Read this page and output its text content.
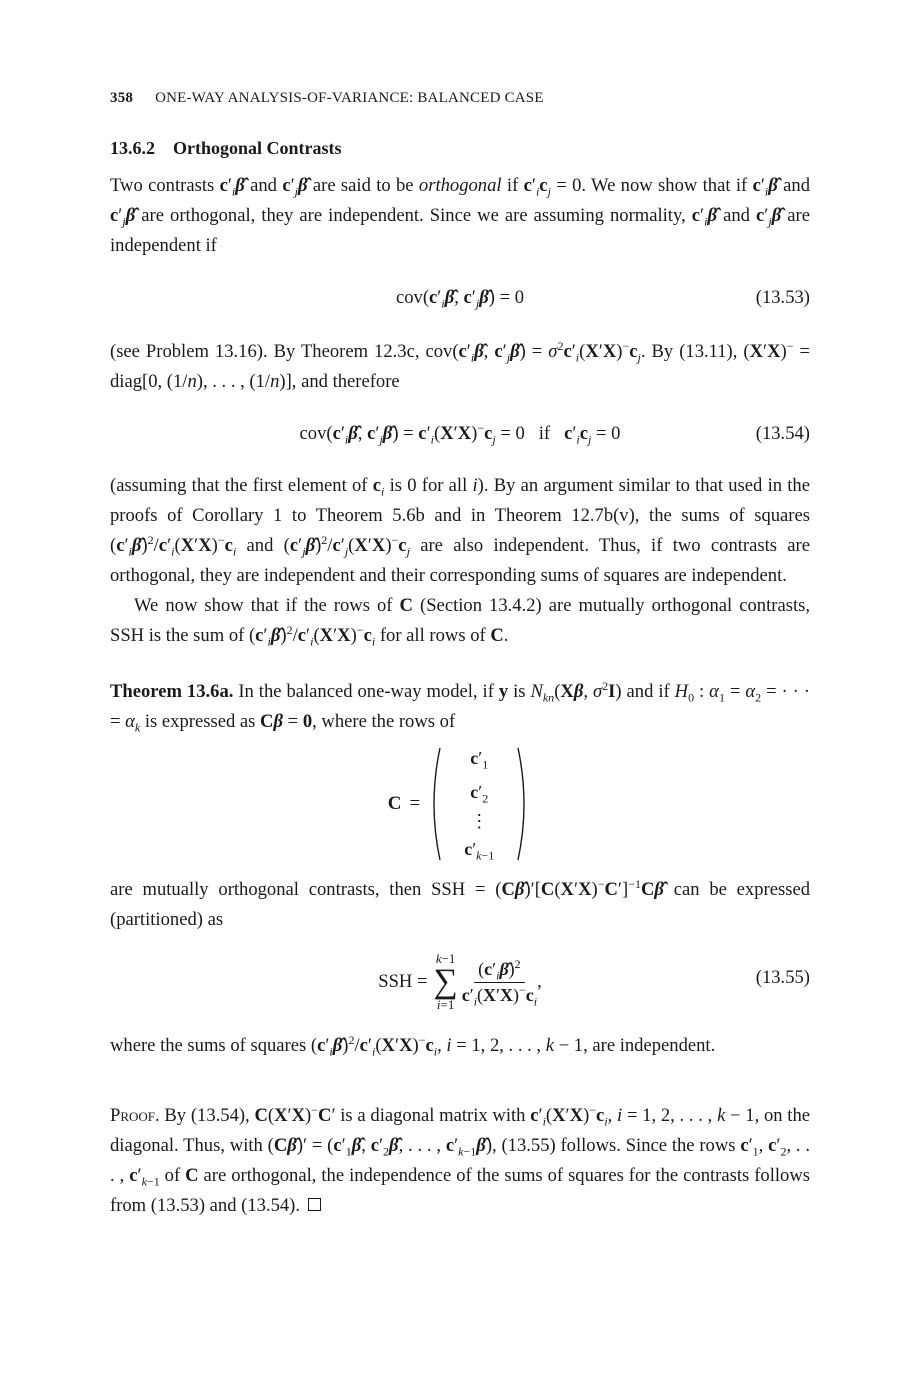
358 ONE-WAY ANALYSIS-OF-VARIANCE: BALANCED CASE
13.6.2 Orthogonal Contrasts

Two contrasts $c'_i\betâ$ and $c'_j\betâ$ are said to be orthogonal if $c'_ic_j = 0$. We now show that if $c'_i\betâ$ and $c'_j\betâ$ are orthogonal, they are independent. Since we are assuming normality, $c'_i\betâ$ and $c'_j\betâ$ are independent if

$cov(c'_i\betâ$, $c'_j\betâ) = 0$	(13.53)

(see Problem 13.16). By Theorem 12.3c, $cov(c'_i\betâ$, $c'_j\betâ) = \sigma^2c'_i(X'X)^-c_j$. By (13.11), (X′X)− = diag[0, (1/n), . . . , (1/n)], and therefore

$cov(c'_i\betâ$, $c'_j\betâ) = c'_i(X'X)^-c_j = 0$   if   $c'_ic_j = 0$	(13.54)

(assuming that the first element of $c_i$ is 0 for all i). By an argument similar to that used in the proofs of Corollary 1 to Theorem 5.6b and in Theorem 12.7b(v), the sums of squares $(c'_i\betâ)^2/c'_i(X'X)^-c_i$ and $(c'_j\betâ)^2/c'_j(X'X)^-c_j$ are also independent. Thus, if two contrasts are orthogonal, they are independent and their corresponding sums of squares are independent.

We now show that if the rows of C (Section 13.4.2) are mutually orthogonal contrasts, SSH is the sum of $(c'_i\betâ)^2/c'_i(X'X)^-c_i$ for all rows of C.

Theorem 13.6a. In the balanced one-way model, if y is $N_{kn}(X\beta$, $\sigma^2I$) and if $H_0$ : $\alpha_1 = \alpha_2$ = · · · = $\alpha_k$ is expressed as Cβ = 0, where the rows of

C =
$c'_1$
$c'_2$
⋮
$c'_{k-1}$

are mutually orthogonal contrasts, then SSH = $(C\betâ)'[C(X'X)^-C']^{-1}C\betâ$ can be expressed (partitioned) as

SSH =
k−1
∑
$i=1 \frac{(c'_i\betâ)^2}{c'_i(X'X)^-c_i}$ ,	(13.55)

where the sums of squares $(c'_i\betâ)^2/c'_i(X'X)^-c_i$, i = 1, 2, . . . , k − 1, are independent.

Proof. By (13.54), C(X′X)−C′ is a diagonal matrix with $c'_i(X'X)^-c_i$, i = 1, 2, . . . , k − 1, on the diagonal. Thus, with (Cβ̂)′ = ($c'_1\betâ$, $c'_2\betâ$, . . . , $c'_{k-1}\betâ$), (13.55) follows. Since the rows $c'_1$, $c'_2$, . . . , $c'_{k-1}$ of C are orthogonal, the independence of the sums of squares for the contrasts follows from (13.53) and (13.54).
